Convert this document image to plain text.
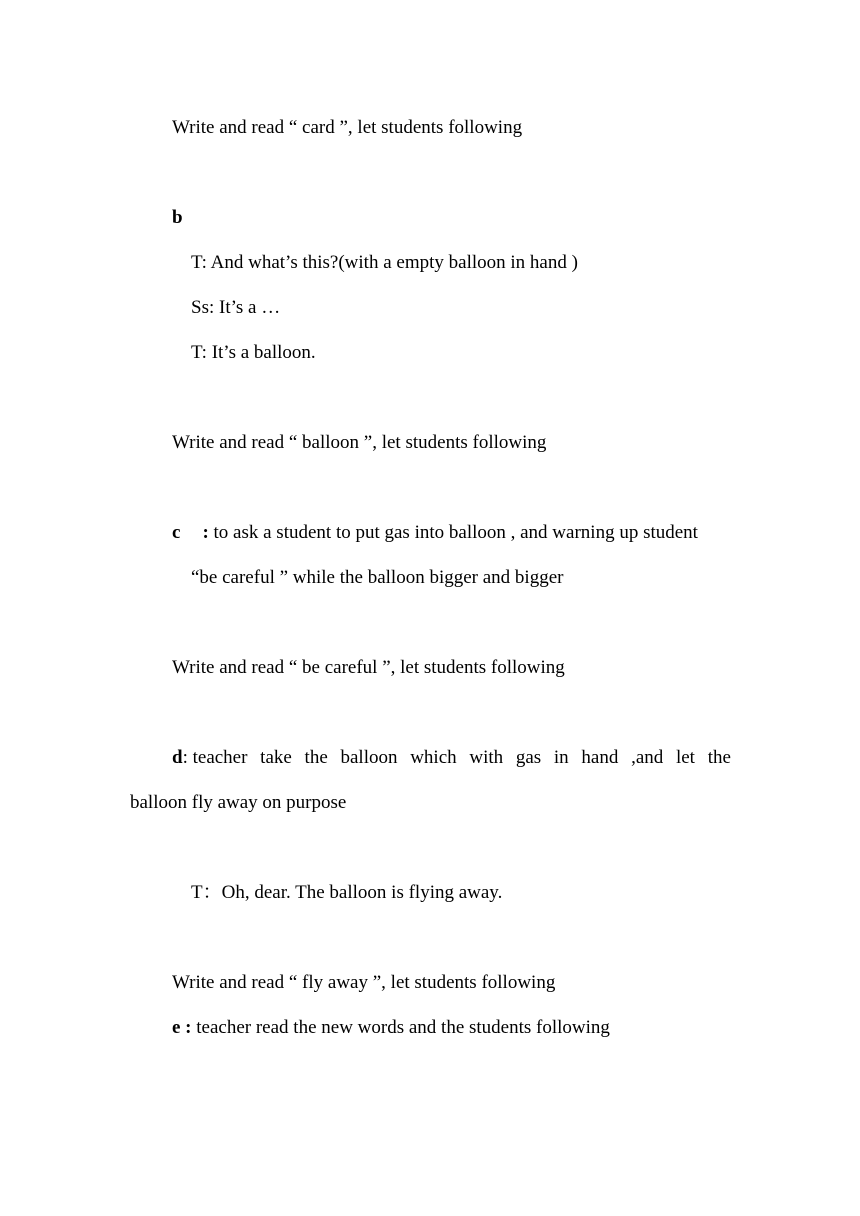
Write and read “ card ”, let students following
b
T: And what’s this?(with a empty balloon in hand )
Ss: It’s a …
T: It’s a balloon.
Write and read “ balloon ”, let students following
c : to ask a student to put gas into balloon , and warning up student
“be careful ” while the balloon bigger and bigger
Write and read “ be careful ”, let students following
d: teacher take the balloon which with gas in hand ,and let the
balloon fly away on purpose
T：Oh, dear. The balloon is flying away.
Write and read “ fly away ”, let students following
e : teacher read the new words and the students following
